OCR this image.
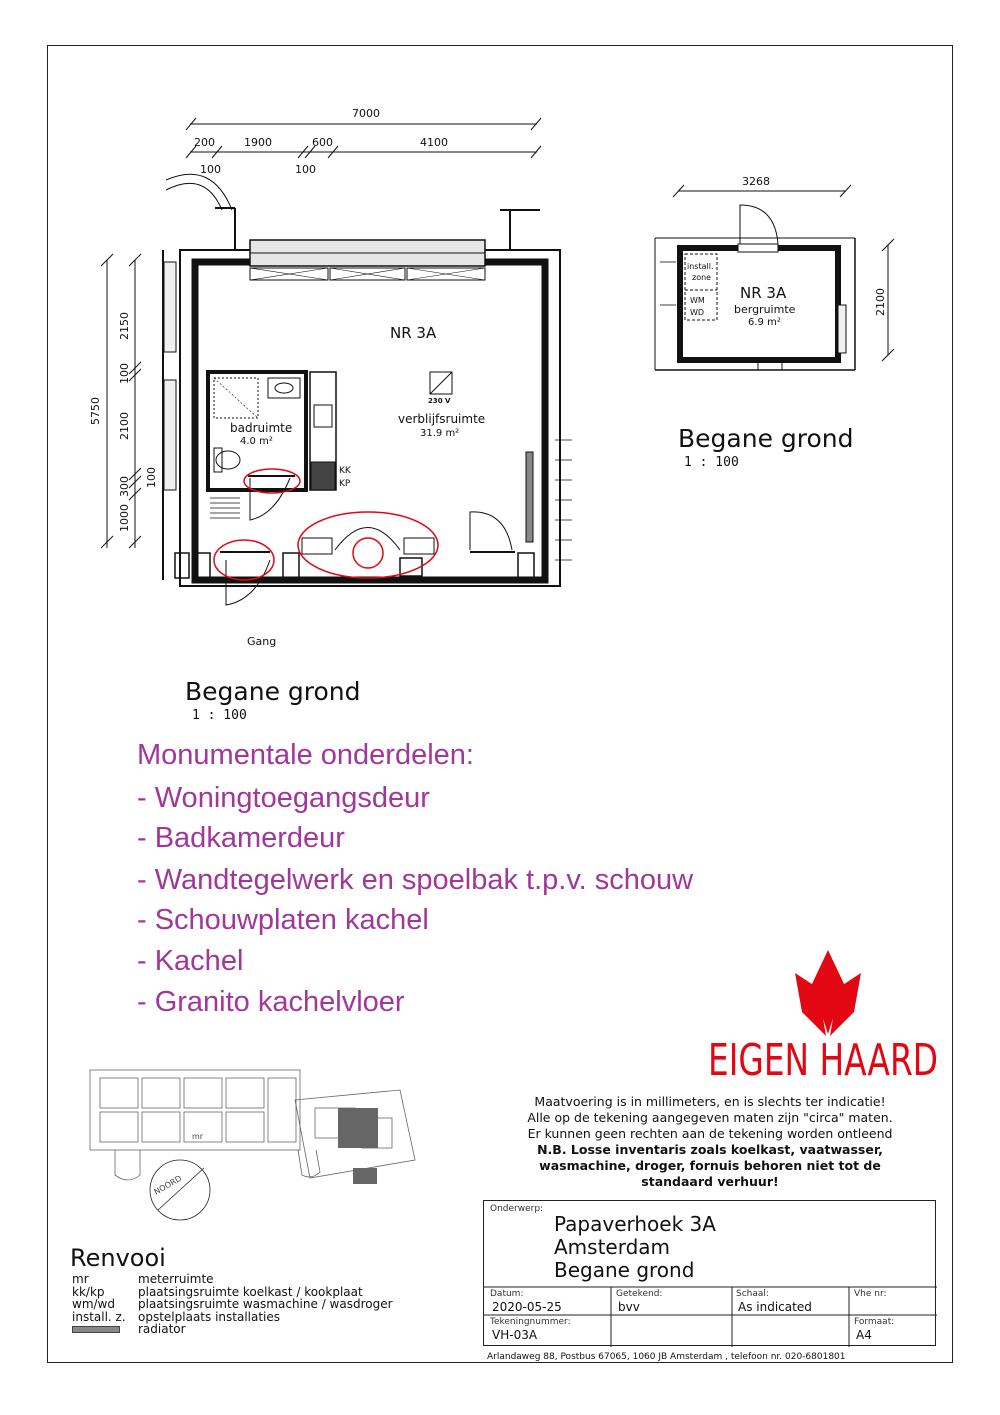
7000
200	1900	600	4100
100	100
5750
2150
100
2100
100
300
1000
NR 3A
verblijfsruimte
31.9 m²
badruimte
4.0 m²
KK
KP
230 V
Gang
Begane grond
1 : 100
3268
2100
install.
zone
WM
WD
NR 3A
bergruimte
6.9 m²
Begane grond
1 : 100
Monumentale onderdelen:
- Woningtoegangsdeur
- Badkamerdeur
- Wandtegelwerk en spoelbak t.p.v. schouw
- Schouwplaten kachel
- Kachel
- Granito kachelvloer
EIGEN HAARD
mr
NOORD
Maatvoering is in millimeters, en is slechts ter indicatie!
Alle op de tekening aangegeven maten zijn "circa" maten.
Er kunnen geen rechten aan de tekening worden ontleend
N.B. Losse inventaris zoals koelkast, vaatwasser,
wasmachine, droger, fornuis behoren niet tot de
standaard verhuur!
Onderwerp:
Papaverhoek 3A
Amsterdam
Begane grond
Datum:
2020-05-25
Getekend:
bvv
Schaal:
As indicated
Vhe nr:
Tekeningnummer:
VH-03A
Formaat:
A4
Arlandaweg 88, Postbus 67065, 1060 JB Amsterdam , telefoon nr. 020-6801801
Renvooi
mr	meterruimte
kk/kp	plaatsingsruimte koelkast / kookplaat
wm/wd	plaatsingsruimte wasmachine / wasdroger
install. z.	opstelplaats installaties
radiator
